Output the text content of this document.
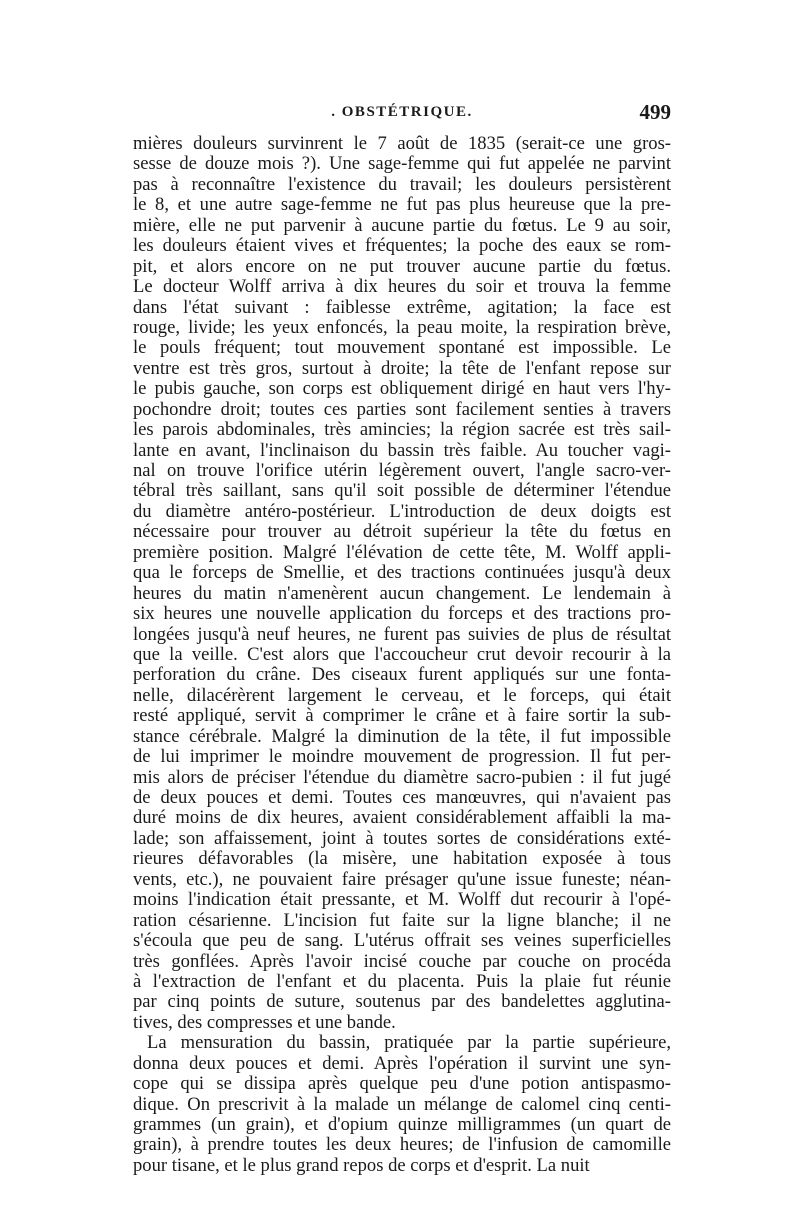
. OBSTÉTRIQUE.	499
mières douleurs survinrent le 7 août de 1835 (serait-ce une gros-
sesse de douze mois ?). Une sage-femme qui fut appelée ne parvint
pas à reconnaître l'existence du travail; les douleurs persistèrent
le 8, et une autre sage-femme ne fut pas plus heureuse que la pre-
mière, elle ne put parvenir à aucune partie du fœtus. Le 9 au soir,
les douleurs étaient vives et fréquentes; la poche des eaux se rom-
pit, et alors encore on ne put trouver aucune partie du fœtus.
Le docteur Wolff arriva à dix heures du soir et trouva la femme
dans l'état suivant : faiblesse extrême, agitation; la face est
rouge, livide; les yeux enfoncés, la peau moite, la respiration brève,
le pouls fréquent; tout mouvement spontané est impossible. Le
ventre est très gros, surtout à droite; la tête de l'enfant repose sur
le pubis gauche, son corps est obliquement dirigé en haut vers l'hy-
pochondre droit; toutes ces parties sont facilement senties à travers
les parois abdominales, très amincies; la région sacrée est très sail-
lante en avant, l'inclinaison du bassin très faible. Au toucher vagi-
nal on trouve l'orifice utérin légèrement ouvert, l'angle sacro-ver-
tébral très saillant, sans qu'il soit possible de déterminer l'étendue
du diamètre antéro-postérieur. L'introduction de deux doigts est
nécessaire pour trouver au détroit supérieur la tête du fœtus en
première position. Malgré l'élévation de cette tête, M. Wolff appli-
qua le forceps de Smellie, et des tractions continuées jusqu'à deux
heures du matin n'amenèrent aucun changement. Le lendemain à
six heures une nouvelle application du forceps et des tractions pro-
longées jusqu'à neuf heures, ne furent pas suivies de plus de résultat
que la veille. C'est alors que l'accoucheur crut devoir recourir à la
perforation du crâne. Des ciseaux furent appliqués sur une fonta-
nelle, dilacérèrent largement le cerveau, et le forceps, qui était
resté appliqué, servit à comprimer le crâne et à faire sortir la sub-
stance cérébrale. Malgré la diminution de la tête, il fut impossible
de lui imprimer le moindre mouvement de progression. Il fut per-
mis alors de préciser l'étendue du diamètre sacro-pubien : il fut jugé
de deux pouces et demi. Toutes ces manœuvres, qui n'avaient pas
duré moins de dix heures, avaient considérablement affaibli la ma-
lade; son affaissement, joint à toutes sortes de considérations exté-
rieures défavorables (la misère, une habitation exposée à tous
vents, etc.), ne pouvaient faire présager qu'une issue funeste; néan-
moins l'indication était pressante, et M. Wolff dut recourir à l'opé-
ration césarienne. L'incision fut faite sur la ligne blanche; il ne
s'écoula que peu de sang. L'utérus offrait ses veines superficielles
très gonflées. Après l'avoir incisé couche par couche on procéda
à l'extraction de l'enfant et du placenta. Puis la plaie fut réunie
par cinq points de suture, soutenus par des bandelettes agglutina-
tives, des compresses et une bande.
La mensuration du bassin, pratiquée par la partie supérieure,
donna deux pouces et demi. Après l'opération il survint une syn-
cope qui se dissipa après quelque peu d'une potion antispasmo-
dique. On prescrivit à la malade un mélange de calomel cinq centi-
grammes (un grain), et d'opium quinze milligrammes (un quart de
grain), à prendre toutes les deux heures; de l'infusion de camomille
pour tisane, et le plus grand repos de corps et d'esprit. La nuit
